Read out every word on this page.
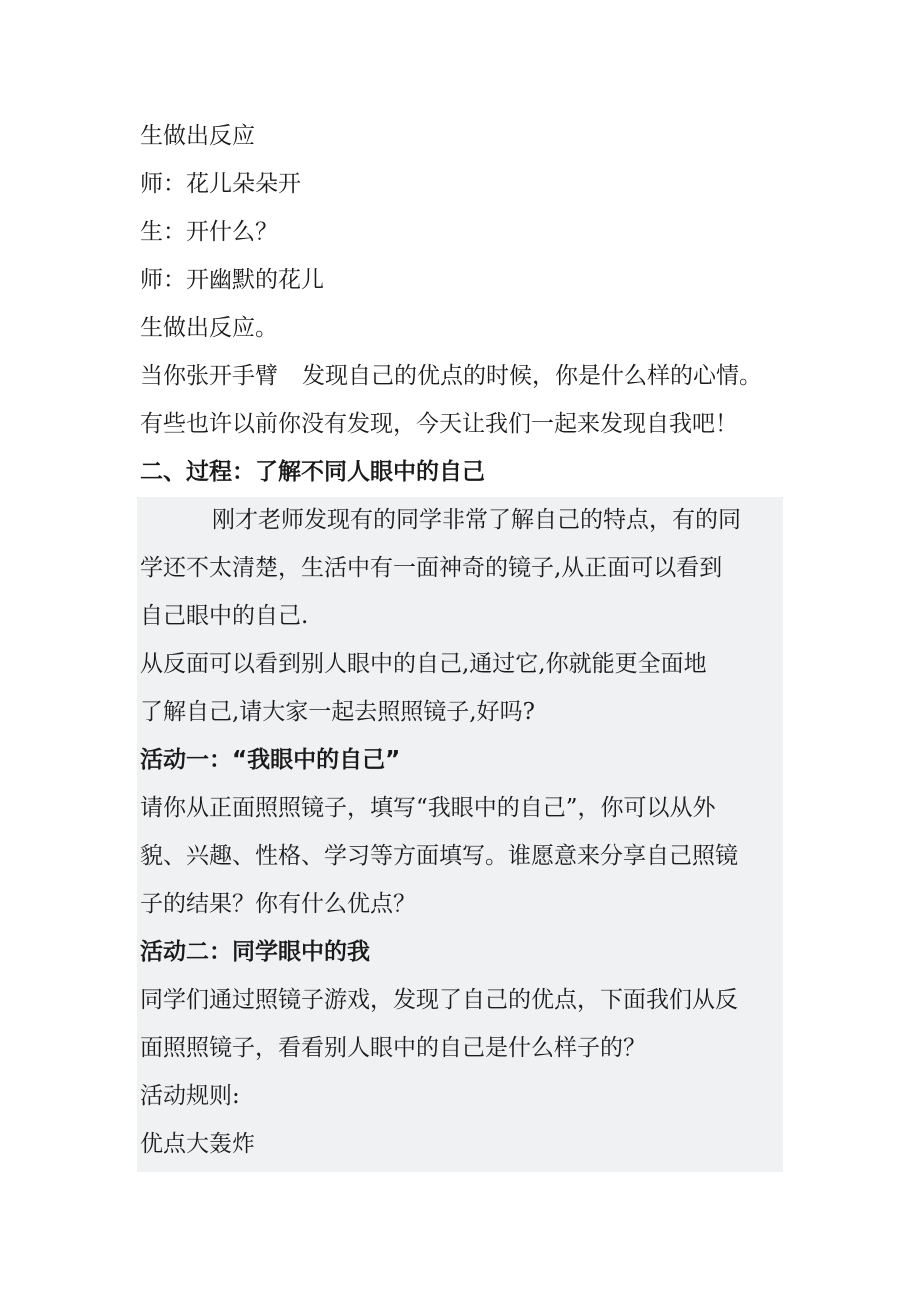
生做出反应
师：花儿朵朵开
生：开什么？
师：开幽默的花儿
生做出反应。
当你张开手臂 发现自己的优点的时候，你是什么样的心情。
有些也许以前你没有发现，今天让我们一起来发现自我吧！
二、过程：了解不同人眼中的自己
刚才老师发现有的同学非常了解自己的特点，有的同
学还不太清楚，生活中有一面神奇的镜子,从正面可以看到
自己眼中的自己.
从反面可以看到别人眼中的自己,通过它,你就能更全面地
了解自己,请大家一起去照照镜子,好吗?
活动一：“我眼中的自己”
请你从正面照照镜子，填写“我眼中的自己”，你可以从外
貌、兴趣、性格、学习等方面填写。谁愿意来分享自己照镜
子的结果？你有什么优点？
活动二：同学眼中的我
同学们通过照镜子游戏，发现了自己的优点，下面我们从反
面照照镜子，看看别人眼中的自己是什么样子的？
活动规则:
优点大轰炸
